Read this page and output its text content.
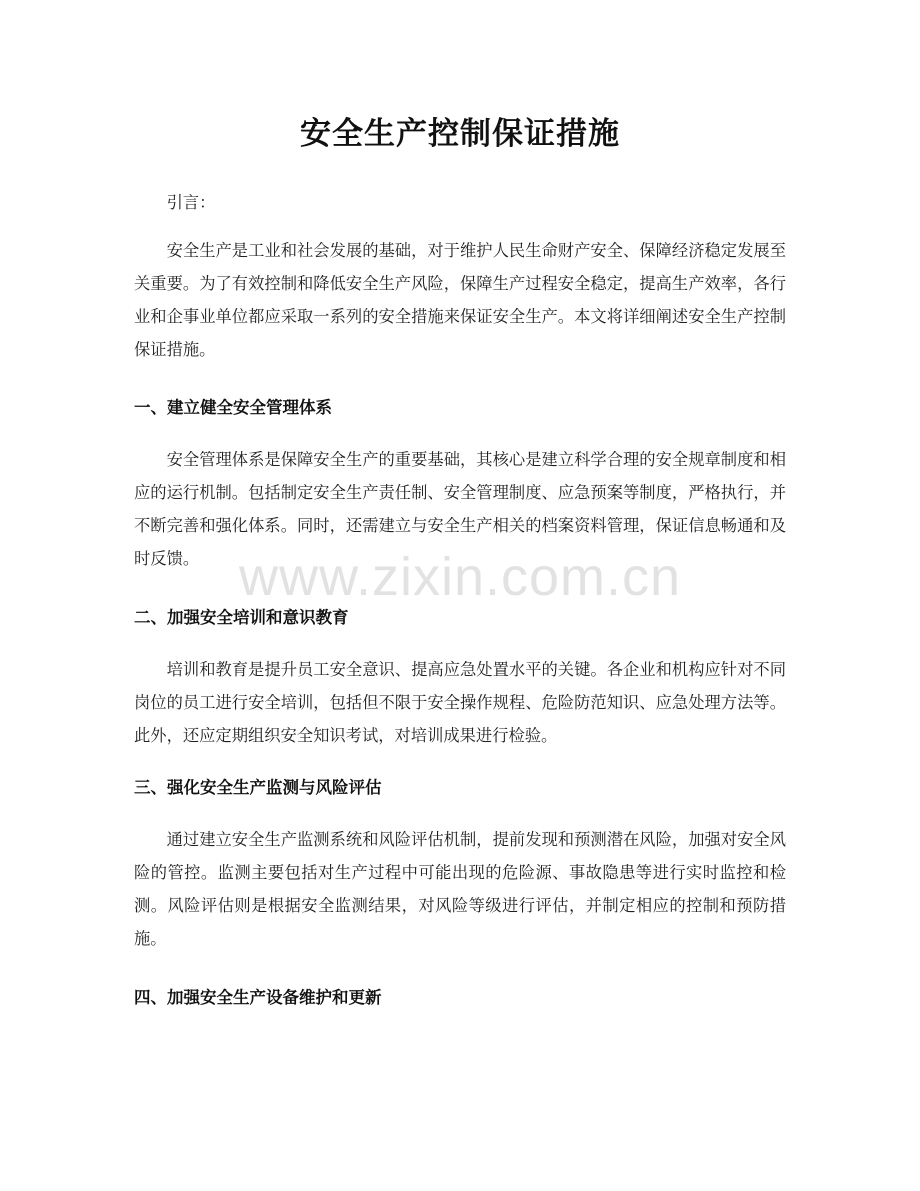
安全生产控制保证措施

引言：

安全生产是工业和社会发展的基础，对于维护人民生命财产安全、保障经济稳定发展至关重要。为了有效控制和降低安全生产风险，保障生产过程安全稳定，提高生产效率，各行业和企事业单位都应采取一系列的安全措施来保证安全生产。本文将详细阐述安全生产控制保证措施。

一、建立健全安全管理体系

安全管理体系是保障安全生产的重要基础，其核心是建立科学合理的安全规章制度和相应的运行机制。包括制定安全生产责任制、安全管理制度、应急预案等制度，严格执行，并不断完善和强化体系。同时，还需建立与安全生产相关的档案资料管理，保证信息畅通和及时反馈。

二、加强安全培训和意识教育

培训和教育是提升员工安全意识、提高应急处置水平的关键。各企业和机构应针对不同岗位的员工进行安全培训，包括但不限于安全操作规程、危险防范知识、应急处理方法等。此外，还应定期组织安全知识考试，对培训成果进行检验。

三、强化安全生产监测与风险评估

通过建立安全生产监测系统和风险评估机制，提前发现和预测潜在风险，加强对安全风险的管控。监测主要包括对生产过程中可能出现的危险源、事故隐患等进行实时监控和检测。风险评估则是根据安全监测结果，对风险等级进行评估，并制定相应的控制和预防措施。

四、加强安全生产设备维护和更新
www.zixin.com.cn
